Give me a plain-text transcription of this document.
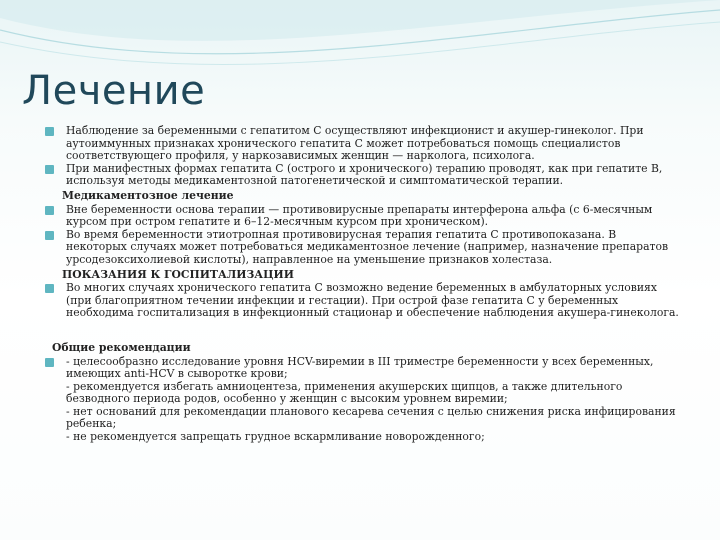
Лечение
Наблюдение за беременными с гепатитом С осуществляют инфекционист и акушер-гинеколог. При аутоиммунных признаках хронического гепатита С может потребоваться помощь специалистов соответствующего профиля, у наркозависимых женщин — нарколога, психолога.
При манифестных формах гепатита С (острого и хронического) терапию проводят, как при гепатите В, используя методы медикаментозной патогенетической и симптоматической терапии.
Медикаментозное лечение
Вне беременности основа терапии — противовирусные препараты интерферона альфа (с 6-месячным курсом при остром гепатите и 6–12-месячным курсом при хроническом).
Во время беременности этиотропная противовирусная терапия гепатита С противопоказана. В некоторых случаях может потребоваться медикаментозное лечение (например, назначение препаратов урсодезоксихолиевой кислоты), направленное на уменьшение признаков холестаза.
ПОКАЗАНИЯ К ГОСПИТАЛИЗАЦИИ
Во многих случаях хронического гепатита С возможно ведение беременных в амбулаторных условиях (при благоприятном течении инфекции и гестации). При острой фазе гепатита С у беременных необходима госпитализация в инфекционный стационар и обеспечение наблюдения акушера-гинеколога.
Общие рекомендации
- целесообразно исследование уровня HCV-виремии в III триместре беременности у всех беременных, имеющих anti-HCV в сыворотке крови;
- рекомендуется избегать амниоцентеза, применения акушерских щипцов, а также длительного безводного периода родов, особенно у женщин с высоким уровнем виремии;
- нет оснований для рекомендации планового кесарева сечения с целью снижения риска инфицирования ребенка;
- не рекомендуется запрещать грудное вскармливание новорожденного;
